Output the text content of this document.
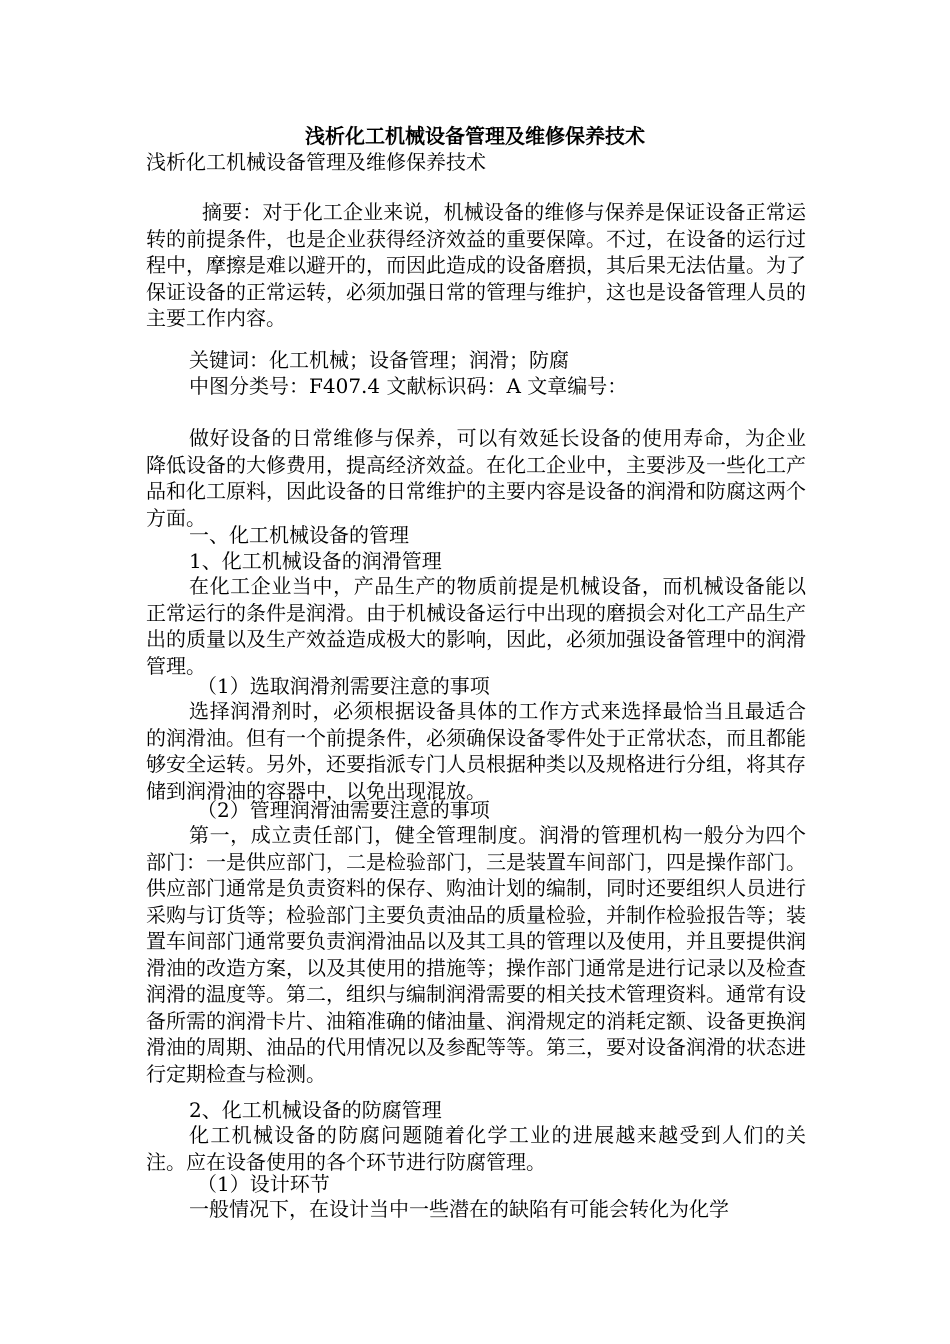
浅析化工机械设备管理及维修保养技术
浅析化工机械设备管理及维修保养技术

摘要：对于化工企业来说，机械设备的维修与保养是保证设备正常运转的前提条件，也是企业获得经济效益的重要保障。不过，在设备的运行过程中，摩擦是难以避开的，而因此造成的设备磨损，其后果无法估量。为了保证设备的正常运转，必须加强日常的管理与维护，这也是设备管理人员的主要工作内容。

关键词：化工机械；设备管理；润滑；防腐

中图分类号：F407.4 文献标识码：A 文章编号：

做好设备的日常维修与保养，可以有效延长设备的使用寿命，为企业降低设备的大修费用，提高经济效益。在化工企业中，主要涉及一些化工产品和化工原料，因此设备的日常维护的主要内容是设备的润滑和防腐这两个方面。

一、化工机械设备的管理

1、化工机械设备的润滑管理

在化工企业当中，产品生产的物质前提是机械设备，而机械设备能以正常运行的条件是润滑。由于机械设备运行中出现的磨损会对化工产品生产出的质量以及生产效益造成极大的影响，因此，必须加强设备管理中的润滑管理。

（1）选取润滑剂需要注意的事项

选择润滑剂时，必须根据设备具体的工作方式来选择最恰当且最适合的润滑油。但有一个前提条件，必须确保设备零件处于正常状态，而且都能够安全运转。另外，还要指派专门人员根据种类以及规格进行分组，将其存储到润滑油的容器中，以免出现混放。

（2）管理润滑油需要注意的事项

第一，成立责任部门，健全管理制度。润滑的管理机构一般分为四个部门：一是供应部门，二是检验部门，三是装置车间部门，四是操作部门。供应部门通常是负责资料的保存、购油计划的编制，同时还要组织人员进行采购与订货等；检验部门主要负责油品的质量检验，并制作检验报告等；装置车间部门通常要负责润滑油品以及其工具的管理以及使用，并且要提供润滑油的改造方案，以及其使用的措施等；操作部门通常是进行记录以及检查润滑的温度等。第二，组织与编制润滑需要的相关技术管理资料。通常有设备所需的润滑卡片、油箱准确的储油量、润滑规定的消耗定额、设备更换润滑油的周期、油品的代用情况以及参配等等。第三，要对设备润滑的状态进行定期检查与检测。

2、化工机械设备的防腐管理

化工机械设备的防腐问题随着化学工业的进展越来越受到人们的关注。应在设备使用的各个环节进行防腐管理。

（1）设计环节

一般情况下，在设计当中一些潜在的缺陷有可能会转化为化学
